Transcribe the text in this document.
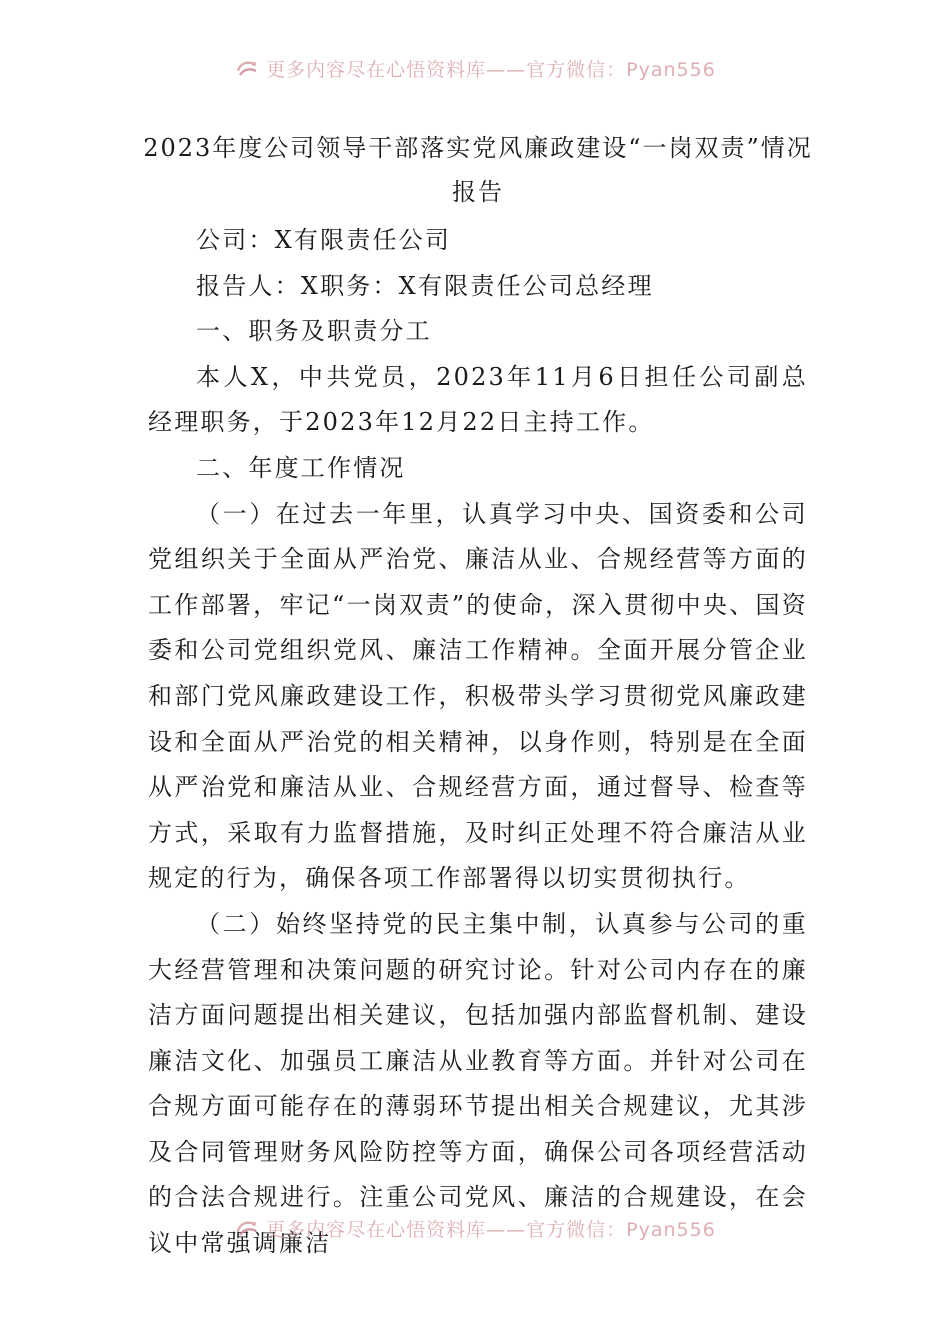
更多内容尽在心悟资料库——官方微信：Pyan556
2023年度公司领导干部落实党风廉政建设“一岗双责”情况报告

公司：X有限责任公司

报告人：X职务：X有限责任公司总经理

一、职务及职责分工

本人X，中共党员，2023年11月6日担任公司副总经理职务，于2023年12月22日主持工作。

二、年度工作情况

（一）在过去一年里，认真学习中央、国资委和公司党组织关于全面从严治党、廉洁从业、合规经营等方面的工作部署，牢记“一岗双责”的使命，深入贯彻中央、国资委和公司党组织党风、廉洁工作精神。全面开展分管企业和部门党风廉政建设工作，积极带头学习贯彻党风廉政建设和全面从严治党的相关精神，以身作则，特别是在全面从严治党和廉洁从业、合规经营方面，通过督导、检查等方式，采取有力监督措施，及时纠正处理不符合廉洁从业规定的行为，确保各项工作部署得以切实贯彻执行。

（二）始终坚持党的民主集中制，认真参与公司的重大经营管理和决策问题的研究讨论。针对公司内存在的廉洁方面问题提出相关建议，包括加强内部监督机制、建设廉洁文化、加强员工廉洁从业教育等方面。并针对公司在合规方面可能存在的薄弱环节提出相关合规建议，尤其涉及合同管理财务风险防控等方面，确保公司各项经营活动的合法合规进行。注重公司党风、廉洁的合规建设，在会议中常强调廉洁

更多内容尽在心悟资料库——官方微信：Pyan556
